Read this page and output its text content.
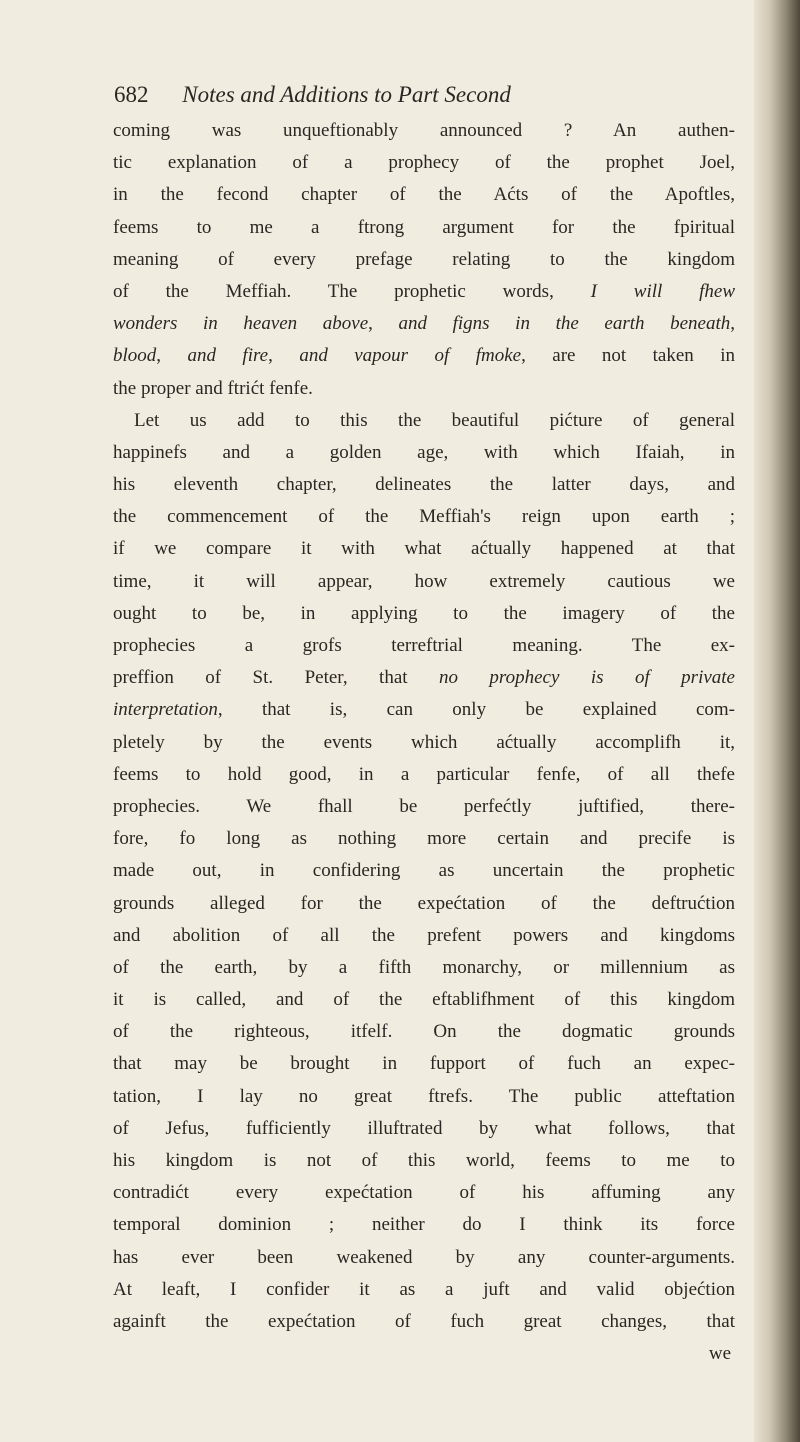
682 Notes and Additions to Part Second
coming was unqueftionably announced ? An authen-
tic explanation of a prophecy of the prophet Joel,
in the fecond chapter of the Aćts of the Apoftles,
feems to me a ftrong argument for the fpiritual
meaning of every prefage relating to the kingdom
of the Meffiah. The prophetic words, I will fhew
wonders in heaven above, and figns in the earth beneath,
blood, and fire, and vapour of fmoke, are not taken in
the proper and ftrićt fenfe.
Let us add to this the beautiful pićture of general
happinefs and a golden age, with which Ifaiah, in
his eleventh chapter, delineates the latter days, and
the commencement of the Meffiah's reign upon earth ;
if we compare it with what aćtually happened at that
time, it will appear, how extremely cautious we
ought to be, in applying to the imagery of the
prophecies a grofs terreftrial meaning. The ex-
preffion of St. Peter, that no prophecy is of private
interpretation, that is, can only be explained com-
pletely by the events which aćtually accomplifh it,
feems to hold good, in a particular fenfe, of all thefe
prophecies. We fhall be perfećtly juftified, there-
fore, fo long as nothing more certain and precife is
made out, in confidering as uncertain the prophetic
grounds alleged for the expećtation of the deftrućtion
and abolition of all the prefent powers and kingdoms
of the earth, by a fifth monarchy, or millennium as
it is called, and of the eftablifhment of this kingdom
of the righteous, itfelf. On the dogmatic grounds
that may be brought in fupport of fuch an expec-
tation, I lay no great ftrefs. The public atteftation
of Jefus, fufficiently illuftrated by what follows, that
his kingdom is not of this world, feems to me to
contradićt every expećtation of his affuming any
temporal dominion ; neither do I think its force
has ever been weakened by any counter-arguments.
At leaft, I confider it as a juft and valid objećtion
againft the expećtation of fuch great changes, that
we
